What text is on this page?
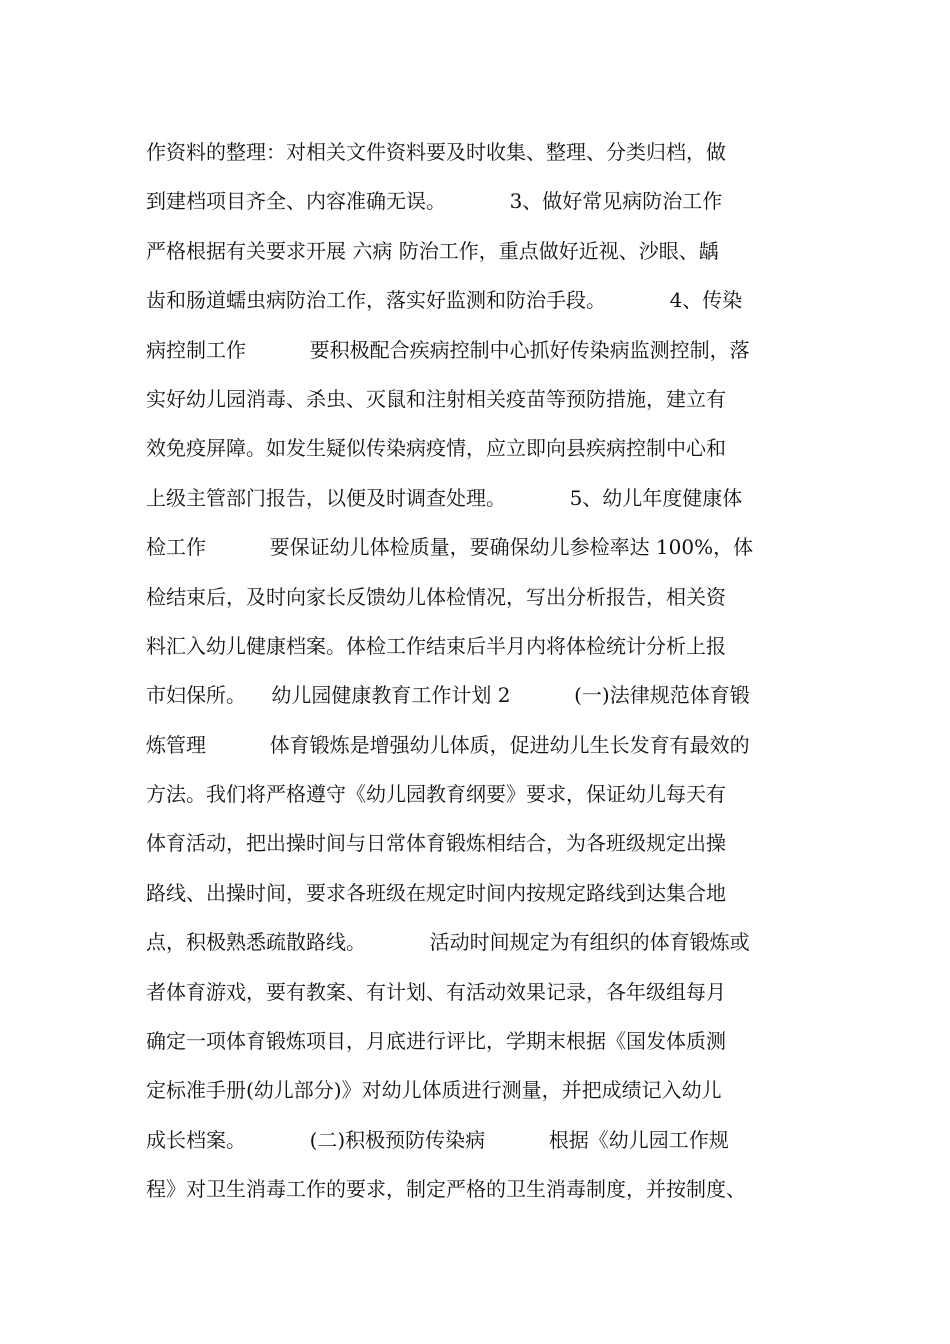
作资料的整理：对相关文件资料要及时收集、整理、分类归档，做
到建档项目齐全、内容准确无误。          3、做好常见病防治工作
严格根据有关要求开展 六病 防治工作，重点做好近视、沙眼、龋
齿和肠道蠕虫病防治工作，落实好监测和防治手段。          4、传染
病控制工作          要积极配合疾病控制中心抓好传染病监测控制，落
实好幼儿园消毒、杀虫、灭鼠和注射相关疫苗等预防措施，建立有
效免疫屏障。如发生疑似传染病疫情，应立即向县疾病控制中心和
上级主管部门报告，以便及时调查处理。          5、幼儿年度健康体
检工作          要保证幼儿体检质量，要确保幼儿参检率达 100%，体
检结束后，及时向家长反馈幼儿体检情况，写出分析报告，相关资
料汇入幼儿健康档案。体检工作结束后半月内将体检统计分析上报
市妇保所。    幼儿园健康教育工作计划 2          (一)法律规范体育锻
炼管理          体育锻炼是增强幼儿体质，促进幼儿生长发育有最效的
方法。我们将严格遵守《幼儿园教育纲要》要求，保证幼儿每天有
体育活动，把出操时间与日常体育锻炼相结合，为各班级规定出操
路线、出操时间，要求各班级在规定时间内按规定路线到达集合地
点，积极熟悉疏散路线。          活动时间规定为有组织的体育锻炼或
者体育游戏，要有教案、有计划、有活动效果记录，各年级组每月
确定一项体育锻炼项目，月底进行评比，学期末根据《国发体质测
定标准手册(幼儿部分)》对幼儿体质进行测量，并把成绩记入幼儿
成长档案。          (二)积极预防传染病          根据《幼儿园工作规
程》对卫生消毒工作的要求，制定严格的卫生消毒制度，并按制度、
